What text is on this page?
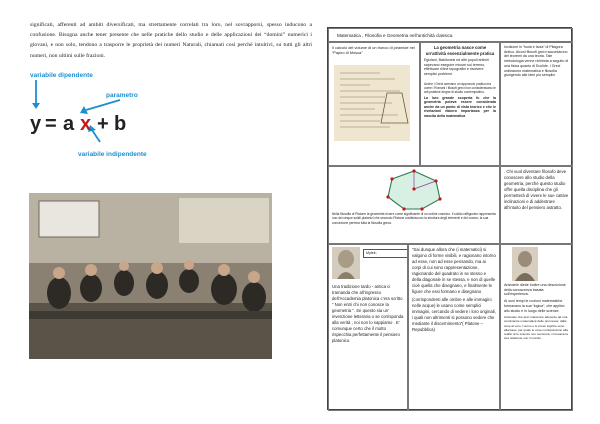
significati, afferenti ad ambiti diversificati, ma strettamente correlati tra loro, nel sovrapporsi, spesso inducono a confusione. Bisogna anche tener presente che nelle pratiche dello studio e delle applicazioni dei “domini” numerici i giovani, e non solo, tendono a trasporre le proprietà dei numeri Naturali, chiamati così perché intuitivi, su tutti gli altri numeri, non ultimi sulle frazioni.
variabile dipendente
parametro
variabile indipendente
y = a x + b
Matematica , Filosofia e Geometria nell’antichità classica
Il calcolo del volume di un tronco di piramide nel “Papiro di Mosca”
La geometria nasce come un’attività essenzialmente pratica
Egiziani, Babilonesi ed altri popoli antichi sapevano eseguire misure sul terreno, effettuare rilievi topografici e risolvere semplici problemi.
Anche i Greci avevano un approccio pratico ma come i Romani i filosofi greci non consideravano le arti pratiche degne di studio contemplativo.
La loro grande scoperta fu che la geometria poteva essere considerata anche da un punto di vista teorico e che le rivelazioni ebbero importanza per la nascita della matematica
Incisione in “Isola e Isola” di Pitagora Antico. Alcuni filosofi greci raccontarono dei teoremi da una teoria. Tale metodologia venne richiesta a seguito di una fisica quanto di Euclide. I Greci ordinarono matematica e filosofia giungendo alle idee più semplici
Nella filosofia di Platone la geometria ricorre come significante di un ordine cosmico. Il solido raffigurato rappresenta uno dei cinque solidi platonici che secondo Platone costituiscono la struttura degli elementi e del cosmo; la sua concezione permea tutta la filosofia greca.
. Chi vuol diventare filosofo deve conoscere allo studio della geometria, perché questo studio offre quella disciplina che gli permetterà di vivere le sue cattive inclinazioni e di addestrare all’intuito del pensiero astratto.
Mytek;
Una tradizione tardo - antica ci tramanda che all’ingresso dell’Accademia platonica c’era scritto “ Non entri chi non conosce la geometria ”. Se questo sia un’ invenzione letteraria o se corrisponda alla verità , noi non lo sappiamo . E’ comunque certo che il motto rispecchia perfettamente il pensiero platonico.
“Sai dunque allora che (i matematici) si valgono di forme visibili, e ragionano intorno ad esse, non ad esse pensando, ma ai corpi di cui sono rappresentazione, ragionando del quadrato in se stesso e della diagonale in se stessa, e non di quelle cioè quella che disegnano, e finalmente le figure che essi formano e disegnano
(corrispondenti alle ombre e alle immagini nelle acque) le usano come semplici immagini, cercando di vedere i loro originali, i quali non altrimenti si possono vedere che mediante il discernimento”( Platone – Repubblica)
Aristotele diede inoltre una descrizione della conoscenza basata sull’esperienza.
Ai suoi tempi le nozioni matematiche formavano la sua “logica”, che applicò allo studio e in luogo delle scienze.
Aristotele che anzi mantenne aderente ad una consistente matematica delle premesse: dalle cose al vero, l’uomo o le prove logiche sono alla base: per quale le cose corrispondono alla realtà. E le scienze con coerenza, vi trovava la sua relazione con il mondo.
